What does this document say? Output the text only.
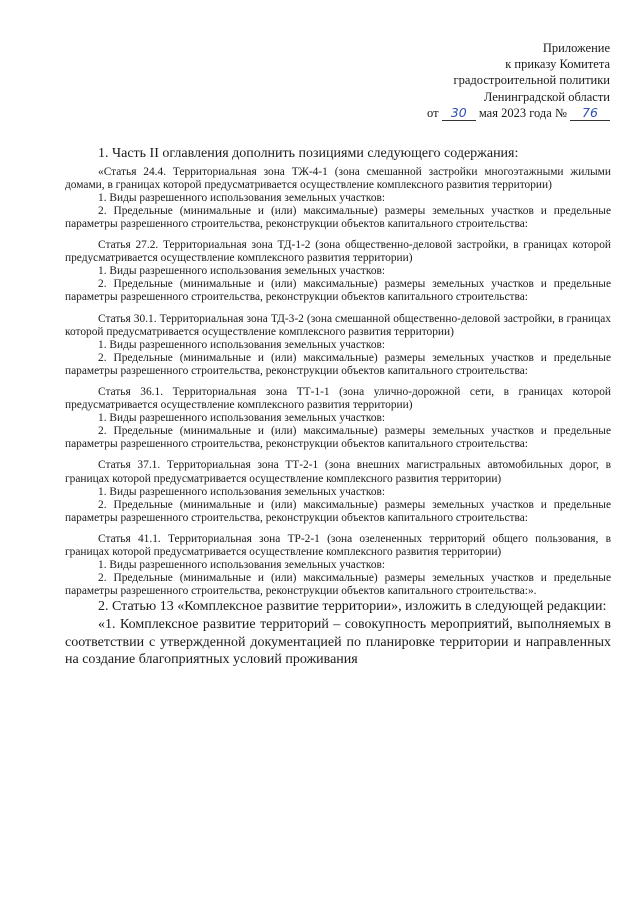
Приложение
к приказу Комитета
градостроительной политики
Ленинградской области
от 30 мая 2023 года № 76

1. Часть II оглавления дополнить позициями следующего содержания:

«Статья 24.4. Территориальная зона ТЖ-4-1 (зона смешанной застройки многоэтажными жилыми домами, в границах которой предусматривается осуществление комплексного развития территории)

1. Виды разрешенного использования земельных участков:

2. Предельные (минимальные и (или) максимальные) размеры земельных участков и предельные параметры разрешенного строительства, реконструкции объектов капитального строительства:

Статья 27.2. Территориальная зона ТД-1-2 (зона общественно-деловой застройки, в границах которой предусматривается осуществление комплексного развития территории)

1. Виды разрешенного использования земельных участков:

2. Предельные (минимальные и (или) максимальные) размеры земельных участков и предельные параметры разрешенного строительства, реконструкции объектов капитального строительства:

Статья 30.1. Территориальная зона ТД-3-2 (зона смешанной общественно-деловой застройки, в границах которой предусматривается осуществление комплексного развития территории)

1. Виды разрешенного использования земельных участков:

2. Предельные (минимальные и (или) максимальные) размеры земельных участков и предельные параметры разрешенного строительства, реконструкции объектов капитального строительства:

Статья 36.1. Территориальная зона ТТ-1-1 (зона улично-дорожной сети, в границах которой предусматривается осуществление комплексного развития территории)

1. Виды разрешенного использования земельных участков:

2. Предельные (минимальные и (или) максимальные) размеры земельных участков и предельные параметры разрешенного строительства, реконструкции объектов капитального строительства:

Статья 37.1. Территориальная зона ТТ-2-1 (зона внешних магистральных автомобильных дорог, в границах которой предусматривается осуществление комплексного развития территории)

1. Виды разрешенного использования земельных участков:

2. Предельные (минимальные и (или) максимальные) размеры земельных участков и предельные параметры разрешенного строительства, реконструкции объектов капитального строительства:

Статья 41.1. Территориальная зона ТР-2-1 (зона озелененных территорий общего пользования, в границах которой предусматривается осуществление комплексного развития территории)

1. Виды разрешенного использования земельных участков:

2. Предельные (минимальные и (или) максимальные) размеры земельных участков и предельные параметры разрешенного строительства, реконструкции объектов капитального строительства:».

2. Статью 13 «Комплексное развитие территории», изложить в следующей редакции:

«1. Комплексное развитие территорий – совокупность мероприятий, выполняемых в соответствии с утвержденной документацией по планировке территории и направленных на создание благоприятных условий проживания
